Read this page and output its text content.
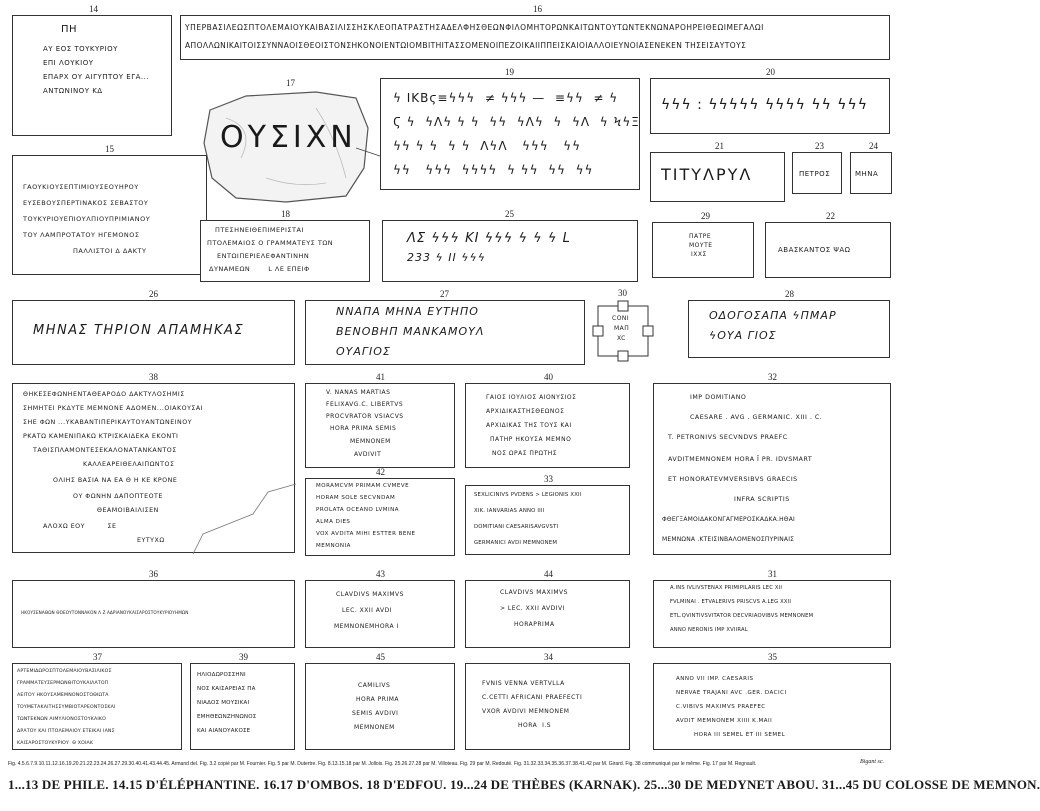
14
ΠΗ
ΑΥ ΕΟΣ ΤΟΥΚΥΡΙΟΥ
ΕΠΙ ΛΟΥΚΙΟΥ
ΕΠΑΡΧ ΟΥ ΑΙΓΥΠΤΟΥ ΕΓΑ...
ΑΝΤΩΝΙΝΟΥ ΚΔ
16
ΥΠΕΡΒΑΣΙΛΕΩΣΠΤΟΛΕΜΑΙΟΥΚΑΙΒΑΣΙΛΙΣΣΗΣΚΛΕΟΠΑΤΡΑΣΤΗΣΑΔΕΛΦΗΣΘΕΩΝΦΙΛΟΜΗΤΟΡΩΝΚΑΙΤΩΝΤΟΥΤΩΝΤΕΚΝΩΝΑΡΟΗΡΕΙΘΕΩΙΜΕΓΑΛΩΙ
ΑΠΟΛΛΩΝΙΚΑΙΤΟΙΣΣΥΝΝΑΟΙΣΘΕΟΙΣΤΟΝΣΗΚΟΝΟΙΕΝΤΩΙΟΜΒΙΤΗΙΤΑΣΣΟΜΕΝΟΙΠΕΖΟΙΚΑΙΙΠΠΕΙΣΚΑΙΟΙΑΛΛΟΙΕΥΝΟΙΑΣΕΝΕΚΕΝ ΤΗΣΕΙΣΑΥΤΟΥΣ
17
ΟΥΣΙΧΝ
19
ϟ ΙΚΒϛ≡ϟϟϟ  ≠ ϟϟϟ —  ≡ϟϟ  ≠ ϟ
Ϛ ϟ  ϟΛϟ ϟ ϟ  ϟϟ  ϟΛϟ  ϟ  ϟΛ  ϟ ϞϟΞ
ϟϟ ϟ ϟ  ϟ ϟ  ΛϟΛ   ϟϟϟ   ϟϟ
ϟϟ   ϟϟϟ  ϟϟϟϟ  ϟ ϟϟ  ϟϟ  ϟϟ
20
ϟϟϟ : ϟϟϟϟϟ ϟϟϟϟ ϟϟ ϟϟϟ
15
ΓΑΟΥΚΙΟΥΣΕΠΤΙΜΙΟΥΣΕΟΥΗΡΟΥ
ΕΥΣΕΒΟΥΣΠΕΡΤΙΝΑΚΟΣ ΣΕΒΑΣΤΟΥ
ΤΟΥΚΥΡΙΟΥΕΠΙΟΥΛΠΙΟΥΠΡΙΜΙΑΝΟΥ
ΤΟΥ ΛΑΜΠΡΟΤΑΤΟΥ ΗΓΕΜΟΝΟΣ
ΠΑΛΛΙΣΤΟΙ Δ ΔΑΚΤΥ
21
ΤΙΤΥΛΡΥΛ
23
ΠΕΤΡΟΣ
24
ΜΗΝΑ
18
ΠΤΕΣΗΝΕΙΘΕΠΙΜΕΡΙΣΤΑΙ
ΠΤΟΛΕΜΑΙΟΣ Ο ΓΡΑΜΜΑΤΕΥΣ ΤΩΝ
ΕΝΤΩΙΠΕΡΙΕΛΕΦΑΝΤΙΝΗΝ
ΔΥΝΑΜΕΩΝ       L ΛΕ ΕΠΕΙΦ
25
ΛΣ ϟϟϟ ΚΙ ϟϟϟ ϟ ϟ ϟ L
233 ϟ ΙΙ ϟϟϟ
29
ΠΑΤΡΕ
ΜΟΥΤΕ
ΙΧΧΣ
22
ΑΒΑΣΚΑΝΤΟΣ ΨΑΩ
26
ΜΗΝΑΣ ΤΗΡΙΟΝ ΑΠΑΜΗΚΑΣ
27
ΝΝΑΠΑ ΜΗΝΑ ΕΥΤΗΠΟ
ΒΕΝΟΒΗΠ ΜΑΝΚΑΜΟΥΛ
ΟΥΑΓΙΟΣ
30
CONI
ΜΑΠ
XC
28
ΟΔΟΓΟΣΑΠΑ ϟΠΜΑΡ
ϟΟΥΑ ΓΙΟΣ
38
ΘΗΚΕΣΕΦΩΝΗΕΝΤΑΘΕΑΡΟΔΟ ΔΑΚΤΥΛΟΣΗΜΙΣ
ΣΗΜΗΤΕΙ ΡΚΔΥΤΕ ΜΕΜΝΟΝΕ ΑΔΟΜΕΝ...ΟΙΑΚΟΥΣΑΙ
ΣΗΕ ΦΩΝ ...ΥΚΑΒΑΝΤΙΠΕΡΙΚΑΥΤΟΥΑΝΤΩΝΕΙΝΟΥ
ΡΚΑΤΩ ΚΑΜΕΝΙΠΑΚΩ ΚΤΡΙΣΚΑΙΔΕΚΑ ΕΚΟΝΤΙ
ΤΑΘΙΣΠΛΑΜΟΝΤΕΣΕΚΑΛΟΝΑΤΑΝΚΑΝΤΟΣ
ΚΑΛΛΕΑΡΕΙΘΕΛΑΙΠΩΝΤΟΣ
ΟΛΙΗΣ ΒΑΣΙΑ ΝΑ ΕΑ Θ Η ΚΕ ΚΡΟΝΕ
ΟΥ ΦΩΝΗΝ ΔΑΠΟΠΤΕΟΤΕ
ΘΕΑΜΟΙΒΑΙΛΙΣΕΝ
ΑΛΟΧΩ ΕΟΥ         ΣΕ
ΕΥΤΥΧΩ
41
V. NANAS MARTIAS
FELIXAVG.C. LIBERTVS
PROCVRATOR VSIACVS
HORA PRIMA SEMIS
MEMNONEM
AVDIVIT
40
ΓΑΙΟΣ ΙΟΥΛΙΟΣ ΑΙΟΝΥΣΙΟΣ
ΑΡΧΙΔΙΚΑΣΤΗΣΘΕΩΝΟΣ
ΑΡΧΙΔΙΚΑΣ ΤΗΣ ΤΟΥΣ ΚΑΙ
ΠΑΤΗΡ ΗΚΟΥΣΑ ΜΕΜΝΟ
ΝΟΣ ΩΡΑΣ ΠΡΩΤΗΣ
32
IMP DOMITIANO
CAESARE . AVG . GERMANIC. XIII . C.
T. PETRONIVS SECVNDVS PRAEFC
AVDITMEMNONEM HORA Ī PR. IDVSMART
ET HONORATEVMVERSIBVS GRAECIS
INFRA SCRIPTIS
ΦΘΕΓΞΑΜΟΙΔΑΚΟΝΓΑΓΜΕΡΟΣΚΑΔΚΑ.ΗΘΑΙ
ΜΕΜΝΩΝΑ .ΚΤΕΙΣΙΝΒΑΛΟΜΕΝΟΣΠΥΡΙΝΑΙΣ
42
MORAMCVM PRIMAM CVMEVE
HORAM SOLE SECVNDAM
PROLATA OCEANO LVMINA
ALMA DIES
VOX AVDITA MIHI ESTTER BENE
MEMNONIA
33
SEXLICINIVS PVDENS > LEGIONIS XXII
XIK. IANVARIAS ANNO IIII
DOMITIANI CAESARISAVGVSTI
GERMANICI AVDI MEMNONEM
36
ΗΚΟΥΣΕΝΑΘΩΝ ΘΟΕΟΥΤΟΝΝΑΚΟΝ Λ Ζ ΑΔΡΙΑΝΟΥΚΑΙΣΑΡΟΣΤΟΥΚΥΡΙΟΥΗΜΩΝ
43
CLAVDIVS MAXIMVS
LEC. XXII AVDI
MEMNONEMHORA I
44
CLAVDIVS MAXIMVS
> LEC. XXII AVDIVI
HORAPRIMA
31
A.INS IVLIVSTENAX PRIMIPILARIS LEC XII
FVLMINAI . ETVALERIVS PRISCVS A.LEG XXII
ETL.QVINTIVSVITATOR DECVRIAOVIBVS MEMNONEM
ANNO NERONIS IMP XVIIRAL
37
ΑΡΤΕΜΙΔΩΡΟΣΠΤΟΛΕΜΑΙΟΥΒΑΣΙΛΙΚΟΣ
ΓΡΑΜΜΑΤΕΥΣΕΡΜΩΝΘΙΤΟΥΚΑΙΛΑΤΟΠ
ΑΕΙΤΟΥ ΗΚΟΥΣΑΜΕΜΝΟΝΟΣΤΟΘΙΩΤΑ
ΤΟΥΜΕΤΑΚΑΙΤΗΣΣΥΜΒΙΟΤΑΡΕΟΝΤΟΣΚΑΙ
ΤΩΝΤΕΚΝΩΝ ΑΙΜΥΛΙΟΝΟΣΤΟΥΚΑΙΚΟ
ΔΡΑΤΟΥ ΚΑΙ ΠΤΟΛΕΜΑΙΟΥ ΕΤΕΙΚΑΙ ΙΑΝΣ
ΚΑΙΣΑΡΟΣΤΟΥΚΥΡΙΟΥ  Θ ΧΟΙΑΚ
39
ΗΛΙΟΔΩΡΟΣΣΗΝΙ
ΝΟΣ ΚΑΙΣΑΡΕΙΑΣ ΠΑ
ΝΙΑΔΟΣ ΜΟΥΣΙΚΑΙ
ΕΜΗΘΕΩΝΖΗΝΩΝΟΣ
ΚΑΙ ΑΙΑΝΟΥΑΚΟΣΕ
45
CAMILIVS
HORA PRIMA
SEMIS AVDIVI
MEMNONEM
34
FVNIS VENNA VERTVLLA
C.CETTI AFRICANI PRAEFECTI
VXOR AVDIVI MEMNONEM
HORA  I.S
35
ANNO VII IMP. CAESARIS
NERVAE TRAJANI AVC .GER. DACICI
C.VIBIVS MAXIMVS PRAEFEC
AVDIT MEMNONEM XIIII K.MAII
HORA III SEMEL ET III SEMEL
Fig. 4.5.6.7.9.10.11.12.16.19.20.21.22.23.24.26.27.29.30.40.41.43.44.45. Armand del. Fig. 3.2 copié par M. Fournier. Fig. 5 par M. Dutertre. Fig. 8.13.15.18 par M. Jollois. Fig. 25.26.27.28 par M. Villoteau. Fig. 29 par M. Redouté. Fig. 31.32.33.34.35.36.37.38.41.42 par M. Girard. Fig. 38 communiqué par le même. Fig. 17 par M. Regnault.	Bigant sc.
1...13 DE PHILE. 14.15 D'ÉLÉPHANTINE. 16.17 D'OMBOS. 18 D'EDFOU. 19...24 DE THÈBES (KARNAK). 25...30 DE MEDYNET ABOU. 31...45 DU COLOSSE DE MEMNON.
